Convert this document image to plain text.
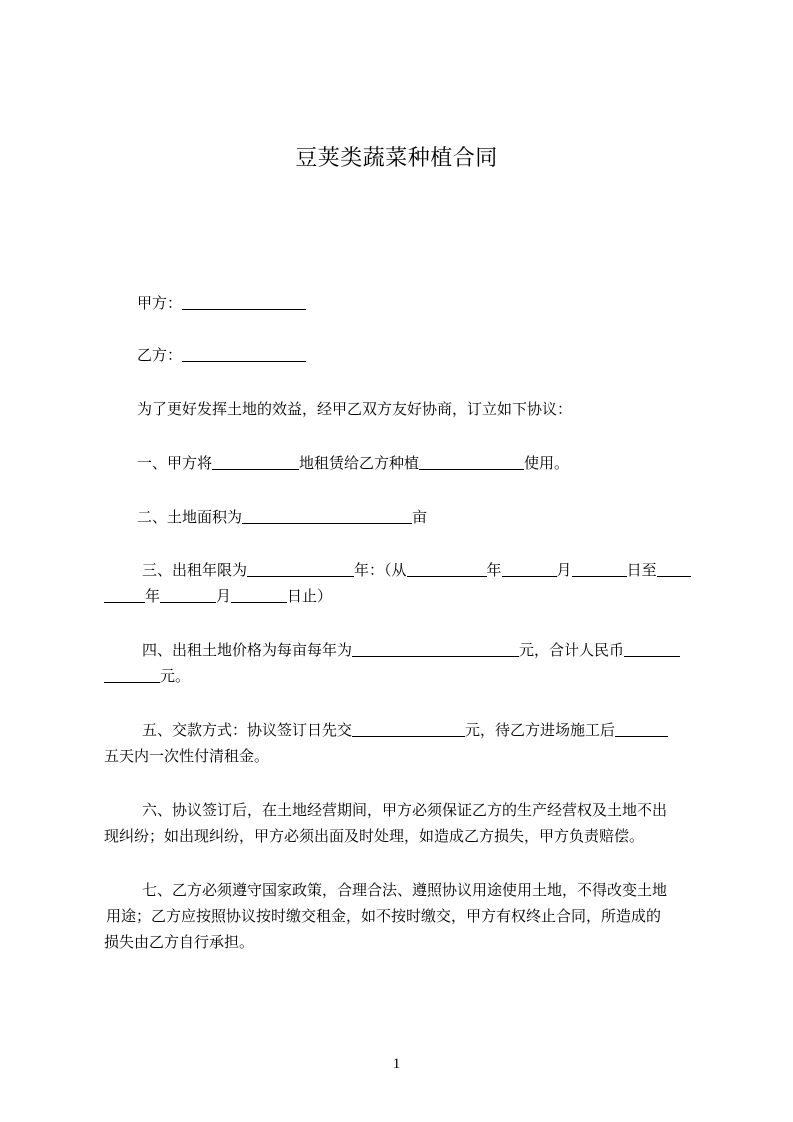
豆荚类蔬菜种植合同
甲方：
乙方：
为了更好发挥土地的效益，经甲乙双方友好协商，订立如下协议：
一、甲方将	地租赁给乙方种植	使用。
二、土地面积为	亩
三、出租年限为	年：（从	年	月	日至
年	月	日止）
四、出租土地价格为每亩每年为	元，合计人民币
元。
五、交款方式：协议签订日先交	元，待乙方进场施工后
五天内一次性付清租金。
六、协议签订后，在土地经营期间，甲方必须保证乙方的生产经营权及土地不出
现纠纷；如出现纠纷，甲方必须出面及时处理，如造成乙方损失，甲方负责赔偿。
七、乙方必须遵守国家政策，合理合法、遵照协议用途使用土地，不得改变土地
用途；乙方应按照协议按时缴交租金，如不按时缴交，甲方有权终止合同，所造成的
损失由乙方自行承担。
1
